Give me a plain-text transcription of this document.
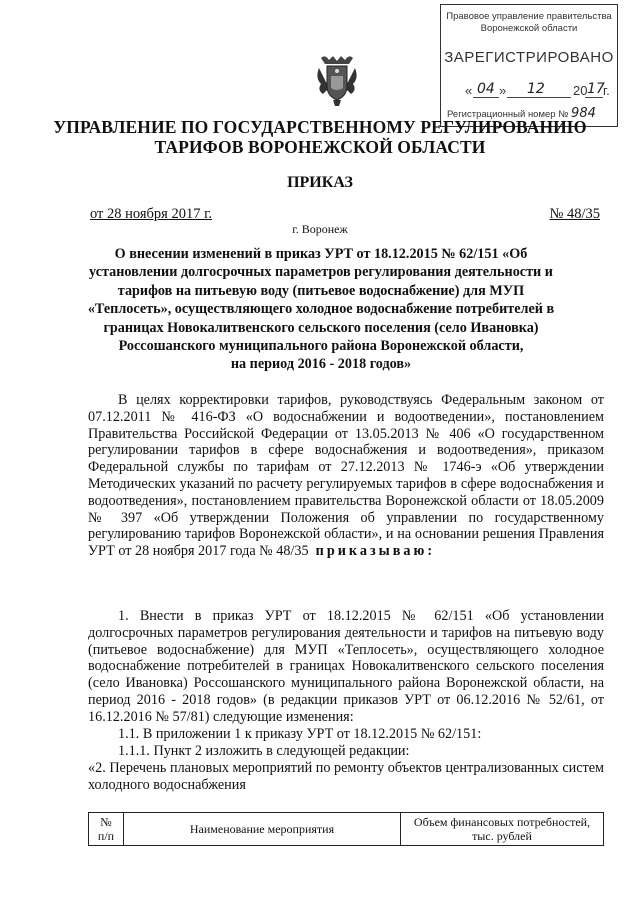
Правовое управление правительства
Воронежской области
ЗАРЕГИСТРИРОВАНО
« 04 » 12 20 17
г.
Регистрационный номер № 984
УПРАВЛЕНИЕ ПО ГОСУДАРСТВЕННОМУ РЕГУЛИРОВАНИЮ
ТАРИФОВ ВОРОНЕЖСКОЙ ОБЛАСТИ
ПРИКАЗ
от 28 ноября 2017 г.	№ 48/35
г. Воронеж
О внесении изменений в приказ УРТ от 18.12.2015 № 62/151 «Об
установлении долгосрочных параметров регулирования деятельности и
тарифов на питьевую воду (питьевое водоснабжение) для МУП
«Теплосеть», осуществляющего холодное водоснабжение потребителей в
границах Новокалитвенского сельского поселения (село Ивановка)
Россошанского муниципального района Воронежской области,
на период 2016 - 2018 годов»
В целях корректировки тарифов, руководствуясь Федеральным законом от 07.12.2011 № 416-ФЗ «О водоснабжении и водоотведении», постановлением Правительства Российской Федерации от 13.05.2013 № 406 «О государственном регулировании тарифов в сфере водоснабжения и водоотведения», приказом Федеральной службы по тарифам от 27.12.2013 № 1746-э «Об утверждении Методических указаний по расчету регулируемых тарифов в сфере водоснабжения и водоотведения», постановлением правительства Воронежской области от 18.05.2009 № 397 «Об утверждении Положения об управлении по государственному регулированию тарифов Воронежской области», и на основании решения Правления УРТ от 28 ноября 2017 года № 48/35 приказываю:
1. Внести в приказ УРТ от 18.12.2015 № 62/151 «Об установлении долгосрочных параметров регулирования деятельности и тарифов на питьевую воду (питьевое водоснабжение) для МУП «Теплосеть», осуществляющего холодное водоснабжение потребителей в границах Новокалитвенского сельского поселения (село Ивановка) Россошанского муниципального района Воронежской области, на период 2016 - 2018 годов» (в редакции приказов УРТ от 06.12.2016 № 52/61, от 16.12.2016 № 57/81) следующие изменения:
1.1. В приложении 1 к приказу УРТ от 18.12.2015 № 62/151:
1.1.1. Пункт 2 изложить в следующей редакции:
«2. Перечень плановых мероприятий по ремонту объектов централизованных систем холодного водоснабжения
№
п/п	Наименование мероприятия	Объем финансовых потребностей,
тыс. рублей
